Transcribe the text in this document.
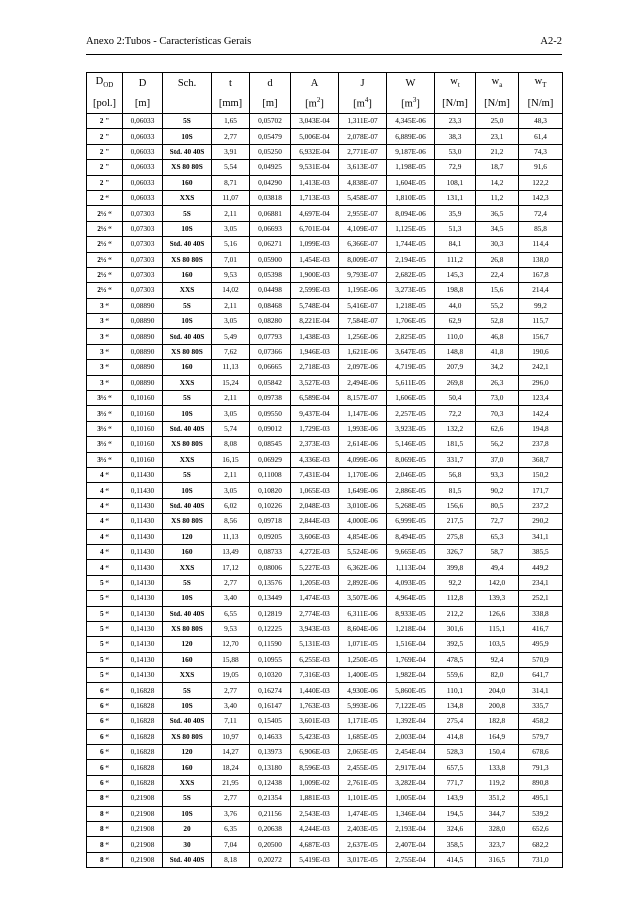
Anexo 2:Tubos - Características Gerais	A2-2
$D_{OD}$	D	Sch.	t	d	A	J	W	$w_t$	$w_a$	$w_T$
[pol.]	[m]		[mm]	[m]	$[m^2]$	$[m^4]$	$[m^3]$	[N/m]	[N/m]	[N/m]
2 "	0,06033	5S	1,65	0,05702	3,043E-04	1,311E-07	4,345E-06	23,3	25,0	48,3
2 "	0,06033	10S	2,77	0,05479	5,006E-04	2,078E-07	6,889E-06	38,3	23,1	61,4
2 "	0,06033	Std. 40 40S	3,91	0,05250	6,932E-04	2,771E-07	9,187E-06	53,0	21,2	74,3
2 "	0,06033	XS 80 80S	5,54	0,04925	9,531E-04	3,613E-07	1,198E-05	72,9	18,7	91,6
2 "	0,06033	160	8,71	0,04290	1,413E-03	4,838E-07	1,604E-05	108,1	14,2	122,2
2 “	0,06033	XXS	11,07	0,03818	1,713E-03	5,458E-07	1,810E-05	131,1	11,2	142,3
2½ “	0,07303	5S	2,11	0,06881	4,697E-04	2,955E-07	8,094E-06	35,9	36,5	72,4
2½ “	0,07303	10S	3,05	0,06693	6,701E-04	4,109E-07	1,125E-05	51,3	34,5	85,8
2½ “	0,07303	Std. 40 40S	5,16	0,06271	1,099E-03	6,366E-07	1,744E-05	84,1	30,3	114,4
2½ “	0,07303	XS 80 80S	7,01	0,05900	1,454E-03	8,009E-07	2,194E-05	111,2	26,8	138,0
2½ “	0,07303	160	9,53	0,05398	1,900E-03	9,793E-07	2,682E-05	145,3	22,4	167,8
2½ “	0,07303	XXS	14,02	0,04498	2,599E-03	1,195E-06	3,273E-05	198,8	15,6	214,4
3 “	0,08890	5S	2,11	0,08468	5,748E-04	5,416E-07	1,218E-05	44,0	55,2	99,2
3 “	0,08890	10S	3,05	0,08280	8,221E-04	7,584E-07	1,706E-05	62,9	52,8	115,7
3 “	0,08890	Std. 40 40S	5,49	0,07793	1,438E-03	1,256E-06	2,825E-05	110,0	46,8	156,7
3 “	0,08890	XS 80 80S	7,62	0,07366	1,946E-03	1,621E-06	3,647E-05	148,8	41,8	190,6
3 “	0,08890	160	11,13	0,06665	2,718E-03	2,097E-06	4,719E-05	207,9	34,2	242,1
3 “	0,08890	XXS	15,24	0,05842	3,527E-03	2,494E-06	5,611E-05	269,8	26,3	296,0
3½ “	0,10160	5S	2,11	0,09738	6,589E-04	8,157E-07	1,606E-05	50,4	73,0	123,4
3½ “	0,10160	10S	3,05	0,09550	9,437E-04	1,147E-06	2,257E-05	72,2	70,3	142,4
3½ “	0,10160	Std. 40 40S	5,74	0,09012	1,729E-03	1,993E-06	3,923E-05	132,2	62,6	194,8
3½ “	0,10160	XS 80 80S	8,08	0,08545	2,373E-03	2,614E-06	5,146E-05	181,5	56,2	237,8
3½ “	0,10160	XXS	16,15	0,06929	4,336E-03	4,099E-06	8,069E-05	331,7	37,0	368,7
4 “	0,11430	5S	2,11	0,11008	7,431E-04	1,170E-06	2,046E-05	56,8	93,3	150,2
4 “	0,11430	10S	3,05	0,10820	1,065E-03	1,649E-06	2,886E-05	81,5	90,2	171,7
4 “	0,11430	Std. 40 40S	6,02	0,10226	2,048E-03	3,010E-06	5,268E-05	156,6	80,5	237,2
4 “	0,11430	XS 80 80S	8,56	0,09718	2,844E-03	4,000E-06	6,999E-05	217,5	72,7	290,2
4 “	0,11430	120	11,13	0,09205	3,606E-03	4,854E-06	8,494E-05	275,8	65,3	341,1
4 “	0,11430	160	13,49	0,08733	4,272E-03	5,524E-06	9,665E-05	326,7	58,7	385,5
4 “	0,11430	XXS	17,12	0,08006	5,227E-03	6,362E-06	1,113E-04	399,8	49,4	449,2
5 “	0,14130	5S	2,77	0,13576	1,205E-03	2,892E-06	4,093E-05	92,2	142,0	234,1
5 “	0,14130	10S	3,40	0,13449	1,474E-03	3,507E-06	4,964E-05	112,8	139,3	252,1
5 “	0,14130	Std. 40 40S	6,55	0,12819	2,774E-03	6,311E-06	8,933E-05	212,2	126,6	338,8
5 “	0,14130	XS 80 80S	9,53	0,12225	3,943E-03	8,604E-06	1,218E-04	301,6	115,1	416,7
5 “	0,14130	120	12,70	0,11590	5,131E-03	1,071E-05	1,516E-04	392,5	103,5	495,9
5 “	0,14130	160	15,88	0,10955	6,255E-03	1,250E-05	1,769E-04	478,5	92,4	570,9
5 “	0,14130	XXS	19,05	0,10320	7,316E-03	1,400E-05	1,982E-04	559,6	82,0	641,7
6 “	0,16828	5S	2,77	0,16274	1,440E-03	4,930E-06	5,860E-05	110,1	204,0	314,1
6 “	0,16828	10S	3,40	0,16147	1,763E-03	5,993E-06	7,122E-05	134,8	200,8	335,7
6 “	0,16828	Std. 40 40S	7,11	0,15405	3,601E-03	1,171E-05	1,392E-04	275,4	182,8	458,2
6 “	0,16828	XS 80 80S	10,97	0,14633	5,423E-03	1,685E-05	2,003E-04	414,8	164,9	579,7
6 “	0,16828	120	14,27	0,13973	6,906E-03	2,065E-05	2,454E-04	528,3	150,4	678,6
6 “	0,16828	160	18,24	0,13180	8,596E-03	2,455E-05	2,917E-04	657,5	133,8	791,3
6 “	0,16828	XXS	21,95	0,12438	1,009E-02	2,761E-05	3,282E-04	771,7	119,2	890,8
8 “	0,21908	5S	2,77	0,21354	1,881E-03	1,101E-05	1,005E-04	143,9	351,2	495,1
8 “	0,21908	10S	3,76	0,21156	2,543E-03	1,474E-05	1,346E-04	194,5	344,7	539,2
8 “	0,21908	20	6,35	0,20638	4,244E-03	2,403E-05	2,193E-04	324,6	328,0	652,6
8 “	0,21908	30	7,04	0,20500	4,687E-03	2,637E-05	2,407E-04	358,5	323,7	682,2
8 “	0,21908	Std. 40 40S	8,18	0,20272	5,419E-03	3,017E-05	2,755E-04	414,5	316,5	731,0
